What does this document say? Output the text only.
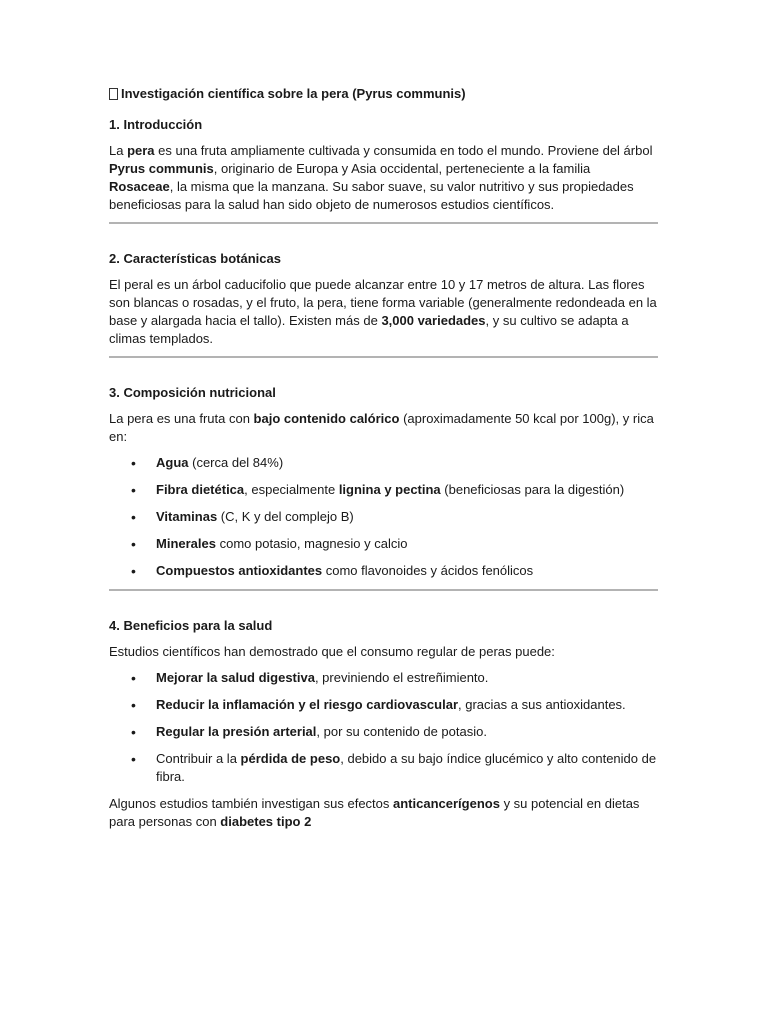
Investigación científica sobre la pera (Pyrus communis)
1. Introducción

La pera es una fruta ampliamente cultivada y consumida en todo el mundo. Proviene del árbol Pyrus communis, originario de Europa y Asia occidental, perteneciente a la familia Rosaceae, la misma que la manzana. Su sabor suave, su valor nutritivo y sus propiedades beneficiosas para la salud han sido objeto de numerosos estudios científicos.

2. Características botánicas

El peral es un árbol caducifolio que puede alcanzar entre 10 y 17 metros de altura. Las flores son blancas o rosadas, y el fruto, la pera, tiene forma variable (generalmente redondeada en la base y alargada hacia el tallo). Existen más de 3,000 variedades, y su cultivo se adapta a climas templados.

3. Composición nutricional

La pera es una fruta con bajo contenido calórico (aproximadamente 50 kcal por 100g), y rica en:

• Agua (cerca del 84%)
• Fibra dietética, especialmente lignina y pectina (beneficiosas para la digestión)
• Vitaminas (C, K y del complejo B)
• Minerales como potasio, magnesio y calcio
• Compuestos antioxidantes como flavonoides y ácidos fenólicos
4. Beneficios para la salud

Estudios científicos han demostrado que el consumo regular de peras puede:

• Mejorar la salud digestiva, previniendo el estreñimiento.
• Reducir la inflamación y el riesgo cardiovascular, gracias a sus antioxidantes.
• Regular la presión arterial, por su contenido de potasio.
• Contribuir a la pérdida de peso, debido a su bajo índice glucémico y alto contenido de fibra.

Algunos estudios también investigan sus efectos anticancerígenos y su potencial en dietas para personas con diabetes tipo 2
